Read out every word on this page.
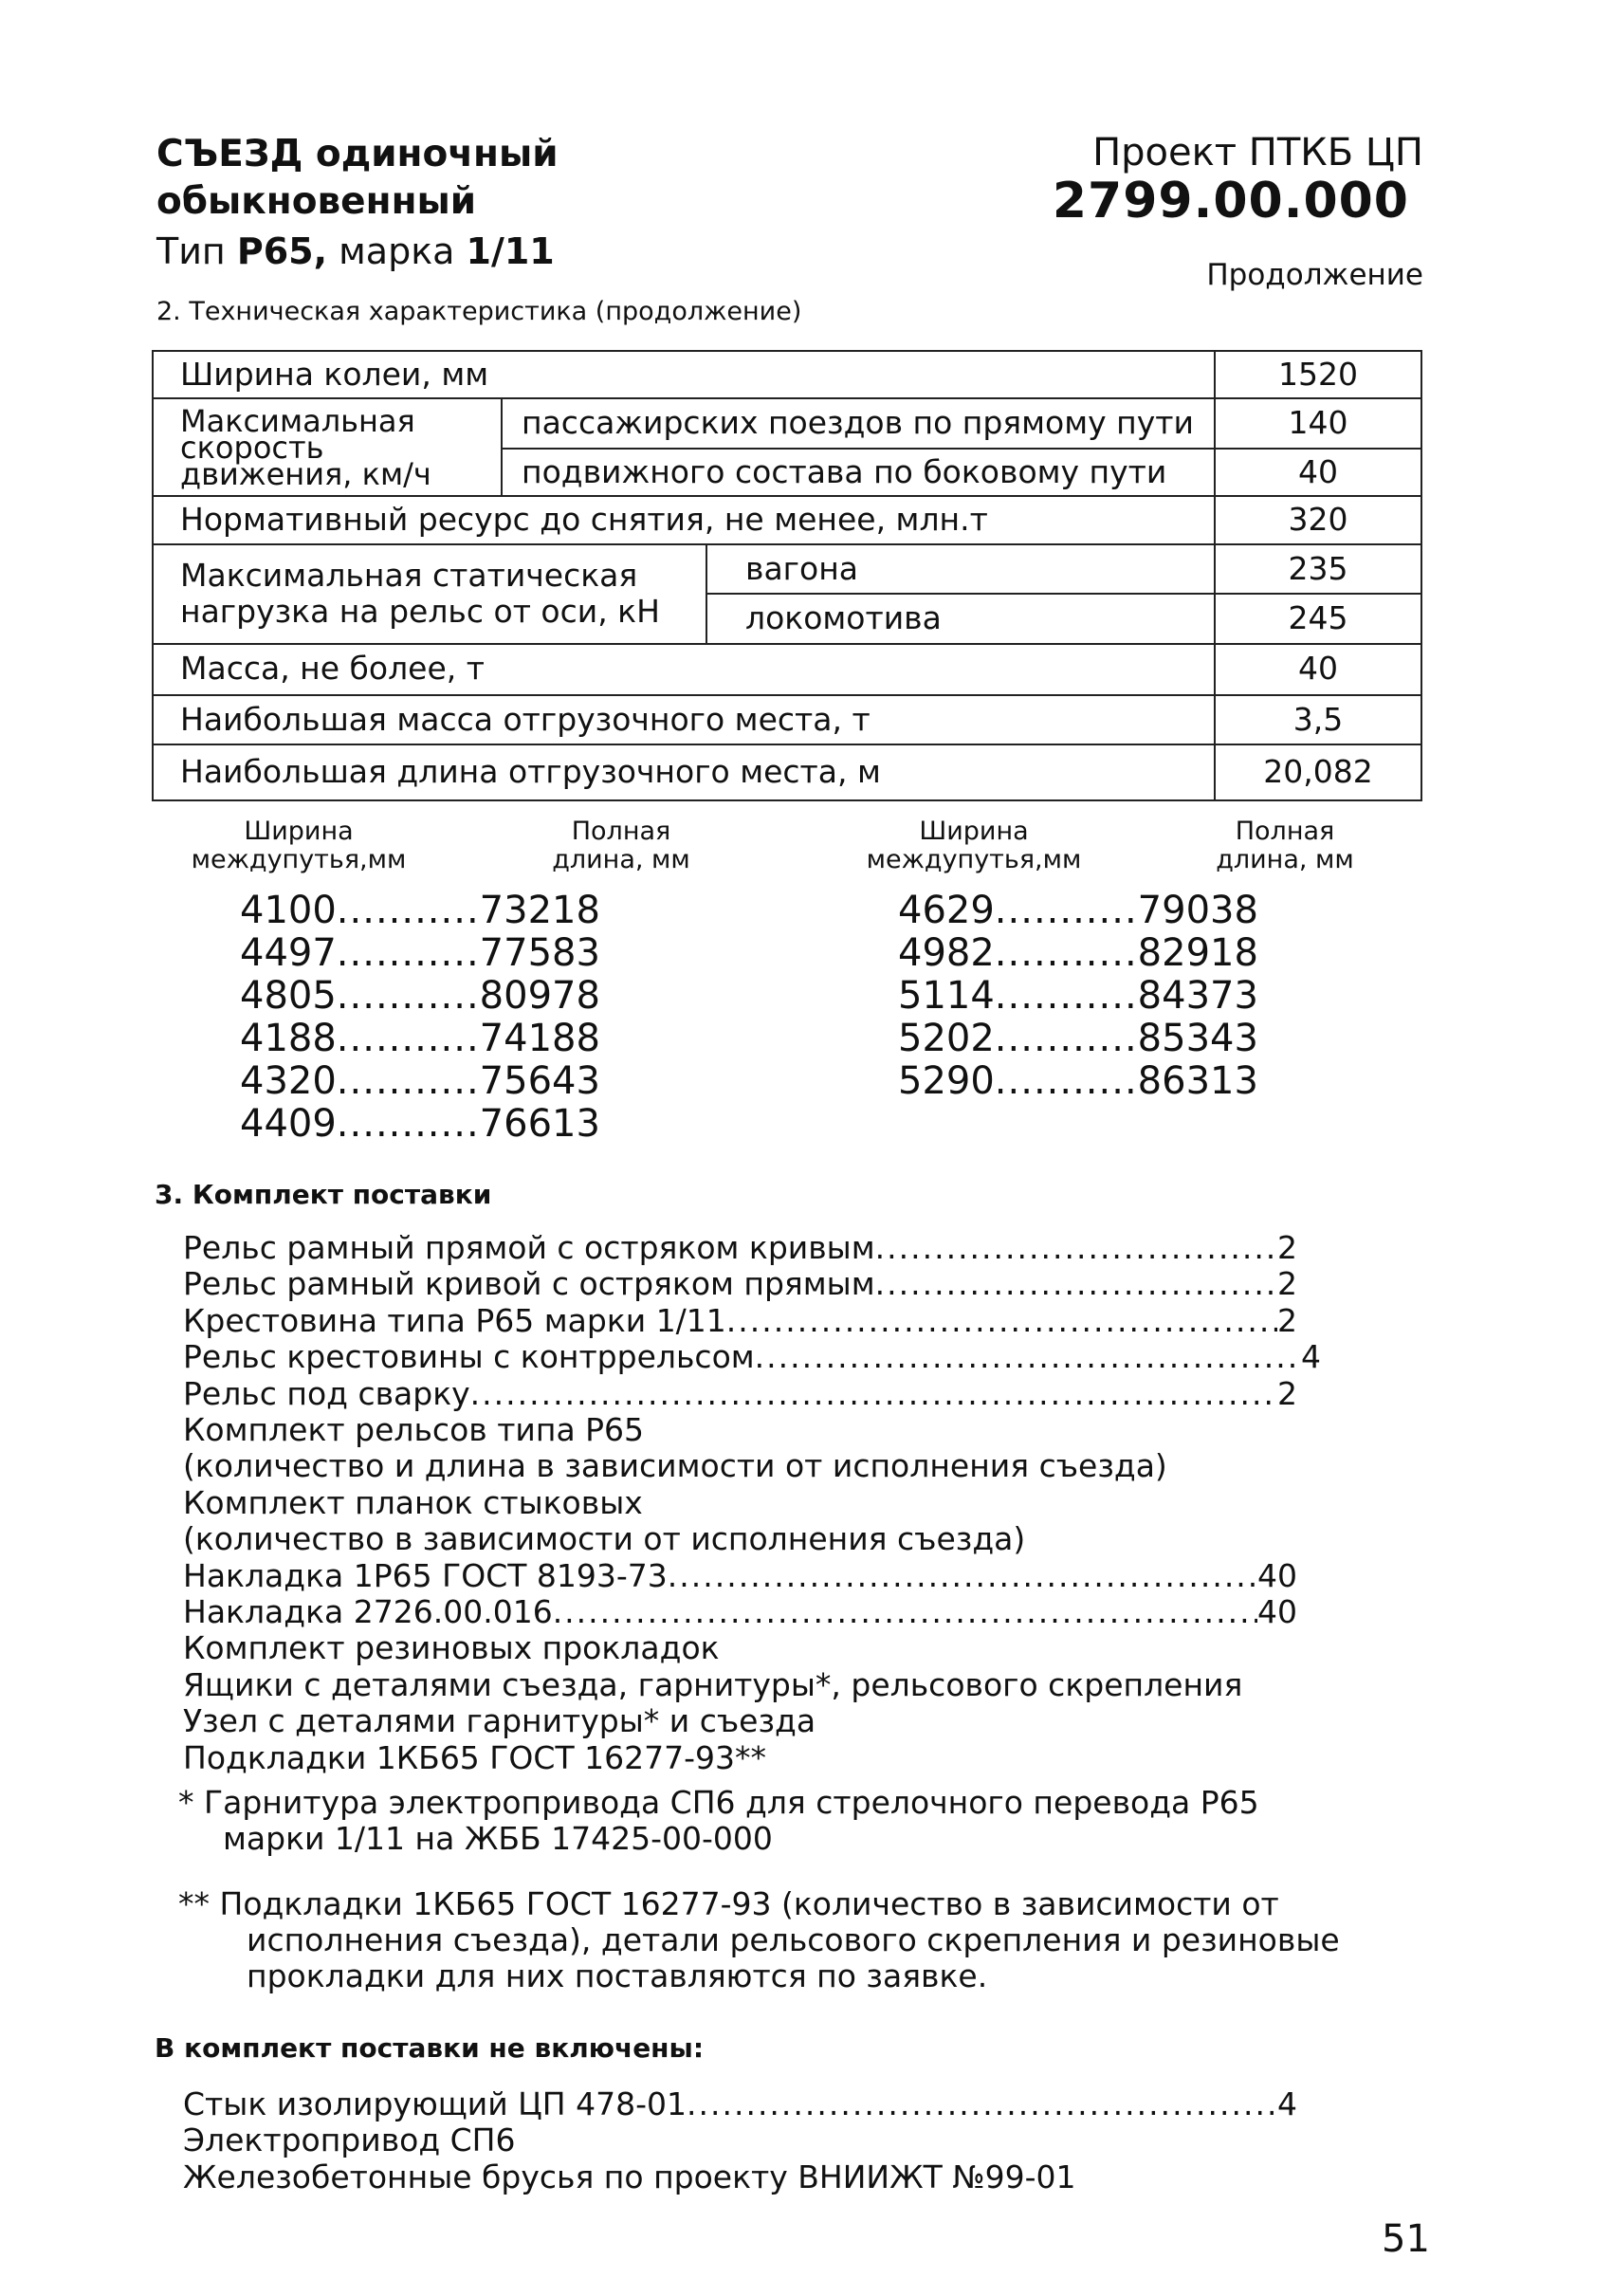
СЪЕЗД одиночный
обыкновенный
Тип Р65, марка 1/11
2. Техническая характеристика (продолжение)
Проект ПТКБ ЦП
2799.00.000
Продолжение
Ширина колеи, мм			1520
Максимальная скорость движения, км/ч	пассажирских поездов по прямому пути		140
	подвижного состава по боковому пути		40
Нормативный ресурс до снятия, не менее, млн.т			320
Максимальная статическая нагрузка на рельс от оси, кН		вагона	235
		локомотива	245
Масса, не более, т			40
Наибольшая масса отгрузочного места, т			3,5
Наибольшая длина отгрузочного места, м			20,082
Ширина
междупутья,мм
Полная
длина, мм
Ширина
междупутья,мм
Полная
длина, мм
4100...........73218
4497...........77583
4805...........80978
4188...........74188
4320...........75643
4409...........76613
4629...........79038
4982...........82918
5114...........84373
5202...........85343
5290...........86313
3. Комплект поставки
Рельс рамный прямой с остряком кривым .....	2
Рельс рамный кривой с остряком прямым .....	2
Крестовина типа Р65 марки 1/11 .....	2
Рельс крестовины с контррельсом .....	4
Рельс под сварку .....	2
Комплект рельсов типа Р65
(количество и длина в зависимости от исполнения съезда)
Комплект планок стыковых
(количество в зависимости от исполнения съезда)
Накладка 1Р65 ГОСТ 8193-73 .....	40
Накладка 2726.00.016 .....	40
Комплект резиновых прокладок
Ящики с деталями съезда, гарнитуры*, рельсового скрепления
Узел с деталями гарнитуры* и съезда
Подкладки 1КБ65 ГОСТ 16277-93**
* Гарнитура электропривода СП6 для стрелочного перевода Р65
марки 1/11 на ЖББ 17425-00-000
** Подкладки 1КБ65 ГОСТ 16277-93 (количество в зависимости от
исполнения съезда), детали рельсового скрепления и резиновые
прокладки для них поставляются по заявке.
В комплект поставки не включены:
Стык изолирующий ЦП 478-01 .....	4
Электропривод СП6
Железобетонные брусья по проекту ВНИИЖТ №99-01
51
